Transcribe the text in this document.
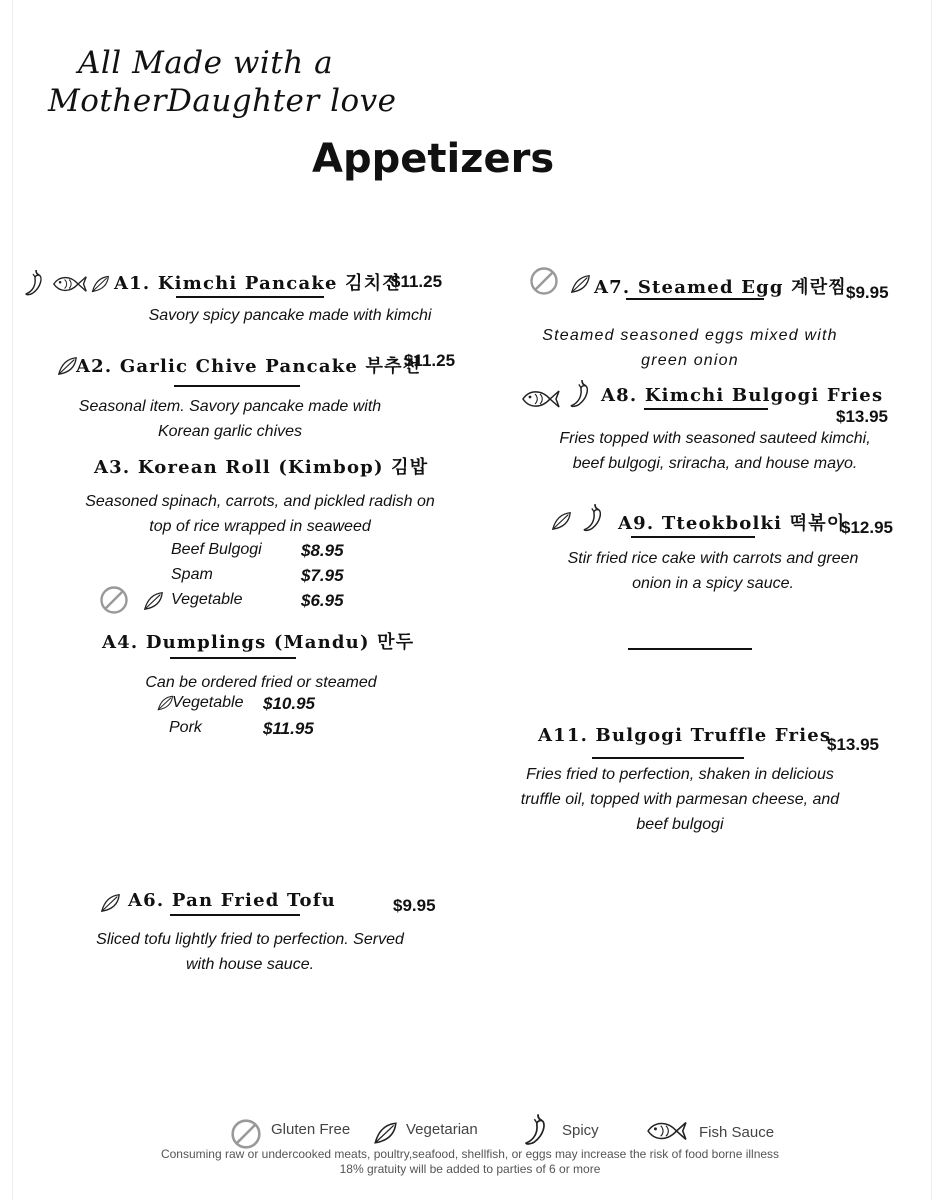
All Made with a
MotherDaughter love
Appetizers
A1. Kimchi Pancake 김치전
$11.25
Savory spicy pancake made with kimchi
A2. Garlic Chive Pancake 부추전
$11.25
Seasonal item. Savory pancake made with
Korean garlic chives
A3. Korean Roll (Kimbop) 김밥
Seasoned spinach, carrots, and pickled radish on
top of rice wrapped in seaweed
Beef Bulgogi $8.95
Spam	$7.95
Vegetable	$6.95
A4. Dumplings (Mandu) 만두
Can be ordered fried or steamed
Vegetable $10.95
Pork	$11.95
A6. Pan Fried Tofu	$9.95
Sliced tofu lightly fried to perfection. Served
with house sauce.
A7. Steamed Egg 계란찜 $9.95
Steamed seasoned eggs mixed with
green onion
A8. Kimchi Bulgogi Fries
$13.95
Fries topped with seasoned sauteed kimchi,
beef bulgogi, sriracha, and house mayo.
A9. Tteokbolki 떡볶이
$12.95
Stir fried rice cake with carrots and green
onion in a spicy sauce.
A11. Bulgogi Truffle Fries
$13.95
Fries fried to perfection, shaken in delicious
truffle oil, topped with parmesan cheese, and
beef bulgogi
Gluten Free	Vegetarian	Spicy	Fish Sauce
Consuming raw or undercooked meats, poultry,seafood, shellfish, or eggs may increase the risk of food borne illness
18% gratuity will be added to parties of 6 or more
